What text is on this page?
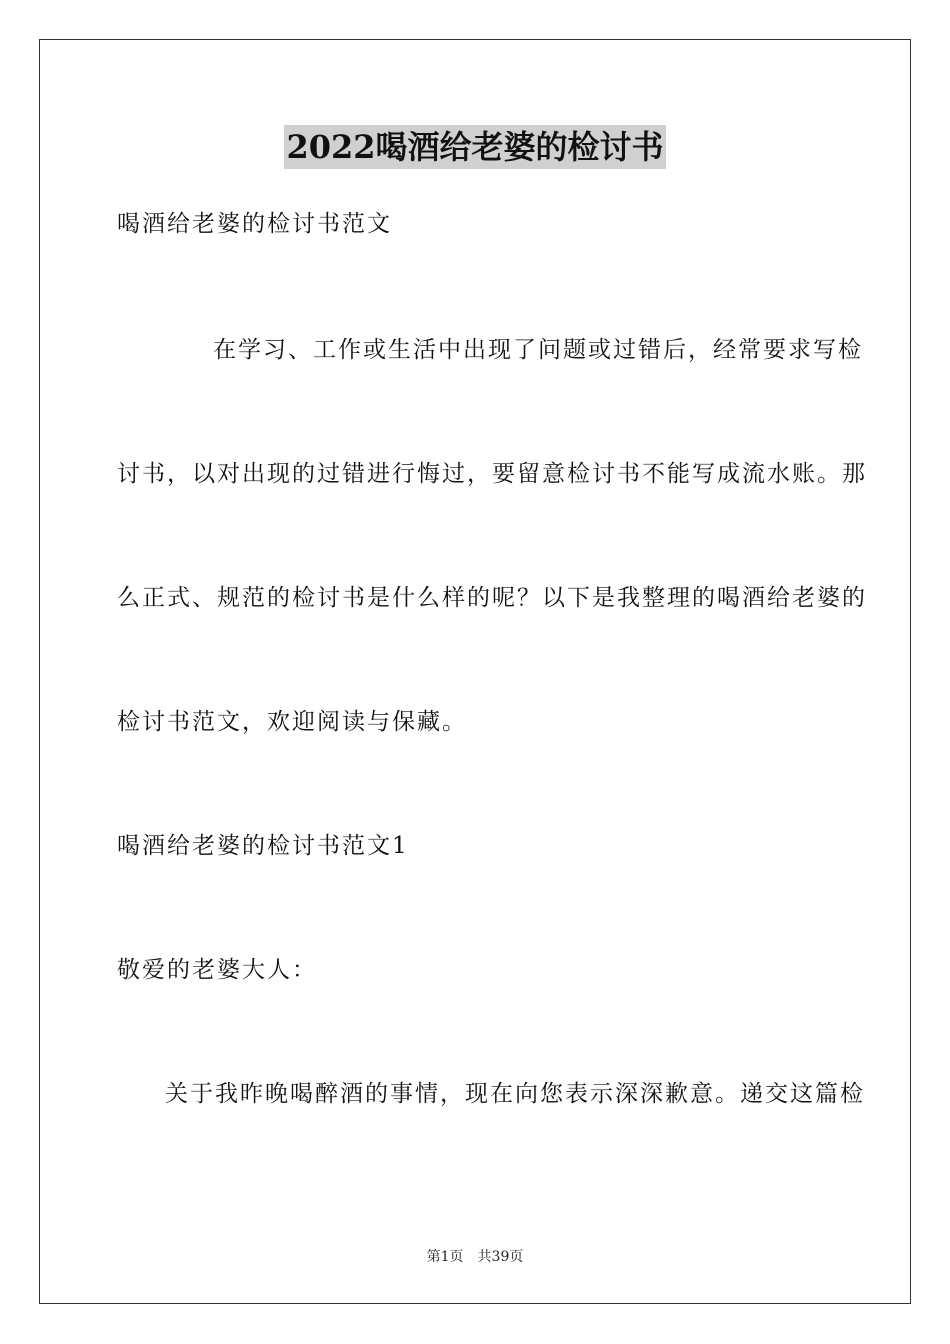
2022喝酒给老婆的检讨书
喝酒给老婆的检讨书范文
在学习、工作或生活中出现了问题或过错后，经常要求写检
讨书，以对出现的过错进行悔过，要留意检讨书不能写成流水账。那
么正式、规范的检讨书是什么样的呢？以下是我整理的喝酒给老婆的
检讨书范文，欢迎阅读与保藏。
喝酒给老婆的检讨书范文1
敬爱的老婆大人：
关于我昨晚喝醉酒的事情，现在向您表示深深歉意。递交这篇检
第1页 共39页
